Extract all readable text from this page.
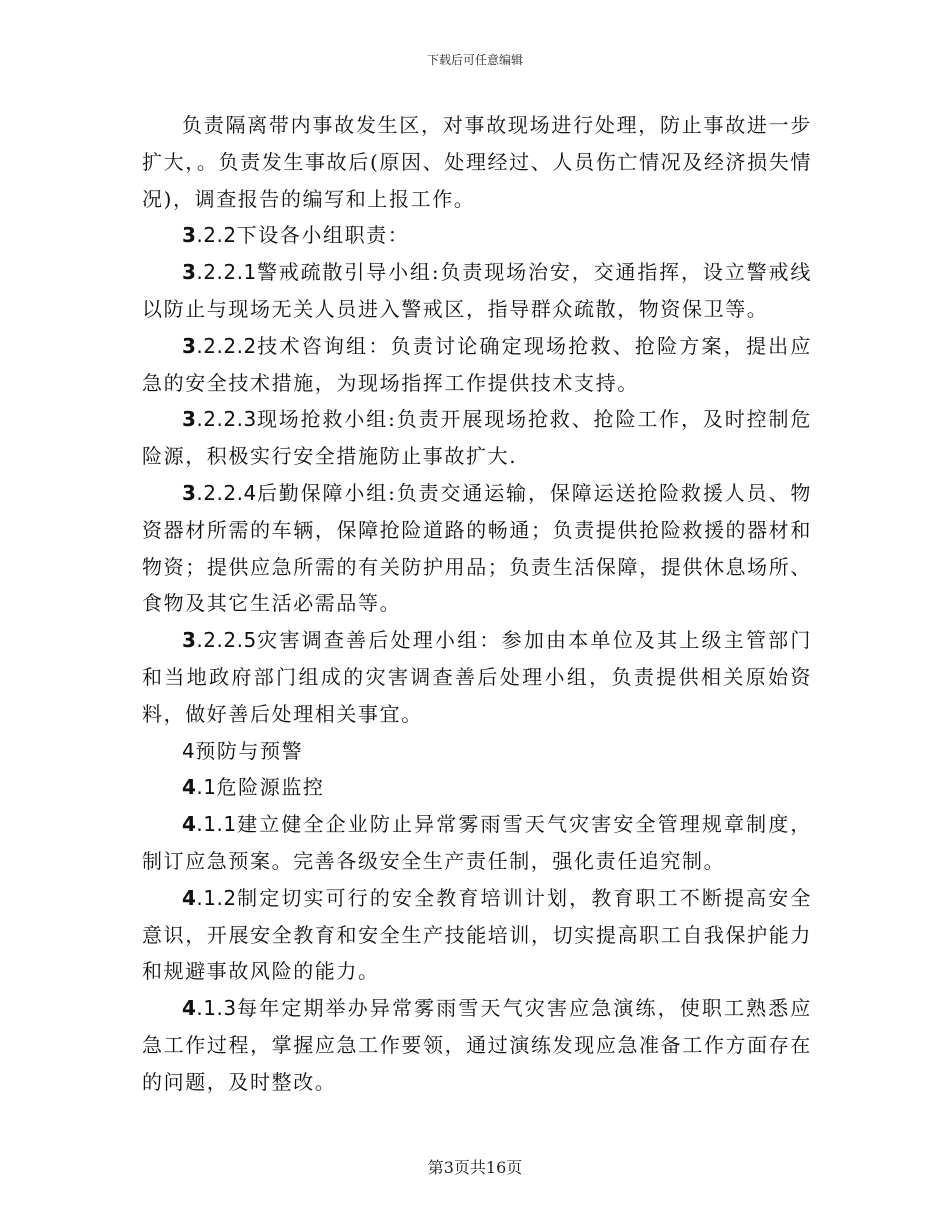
下载后可任意编辑

负责隔离带内事故发生区，对事故现场进行处理，防止事故进一步扩大，。负责发生事故后(原因、处理经过、人员伤亡情况及经济损失情况)，调查报告的编写和上报工作。

3.2.2下设各小组职责：

3.2.2.1警戒疏散引导小组:负责现场治安，交通指挥，设立警戒线以防止与现场无关人员进入警戒区，指导群众疏散，物资保卫等。

3.2.2.2技术咨询组：负责讨论确定现场抢救、抢险方案，提出应急的安全技术措施，为现场指挥工作提供技术支持。

3.2.2.3现场抢救小组:负责开展现场抢救、抢险工作，及时控制危险源，积极实行安全措施防止事故扩大.

3.2.2.4后勤保障小组:负责交通运输，保障运送抢险救援人员、物资器材所需的车辆，保障抢险道路的畅通；负责提供抢险救援的器材和物资；提供应急所需的有关防护用品；负责生活保障，提供休息场所、食物及其它生活必需品等。

3.2.2.5灾害调查善后处理小组：参加由本单位及其上级主管部门和当地政府部门组成的灾害调查善后处理小组，负责提供相关原始资料，做好善后处理相关事宜。

4预防与预警

4.1危险源监控

4.1.1建立健全企业防止异常雾雨雪天气灾害安全管理规章制度，制订应急预案。完善各级安全生产责任制，强化责任追究制。

4.1.2制定切实可行的安全教育培训计划，教育职工不断提高安全意识，开展安全教育和安全生产技能培训，切实提高职工自我保护能力和规避事故风险的能力。

4.1.3每年定期举办异常雾雨雪天气灾害应急演练，使职工熟悉应急工作过程，掌握应急工作要领，通过演练发现应急准备工作方面存在的问题，及时整改。

第3页共16页
